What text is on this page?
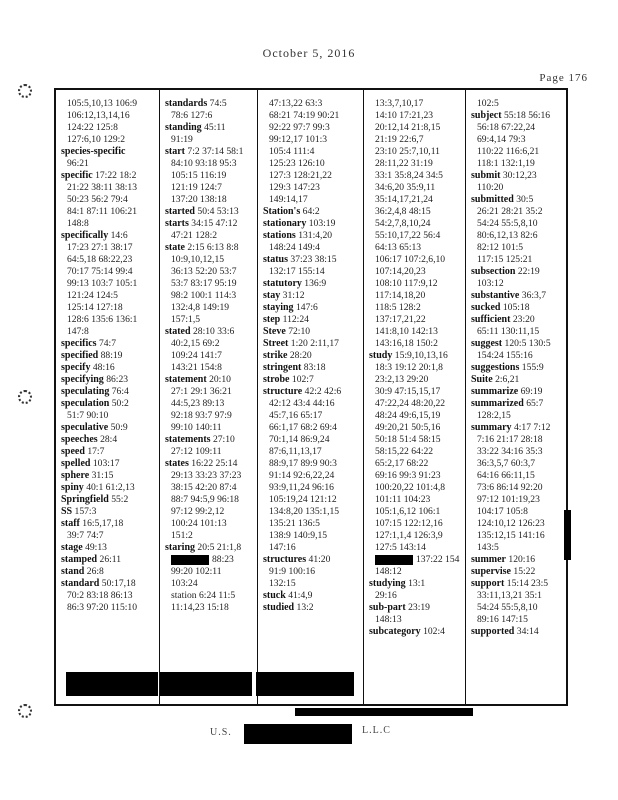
October 5, 2016
Page 176
105:5,10,13 106:9
106:12,13,14,16
124:22 125:8
127:6,10 129:2
species-specific
96:21
specific 17:22 18:2
21:22 38:11 38:13
50:23 56:2 79:4
84:1 87:11 106:21
148:8
specifically 14:6
17:23 27:1 38:17
64:5,18 68:22,23
70:17 75:14 99:4
99:13 103:7 105:1
121:24 124:5
125:14 127:18
128:6 135:6 136:1
147:8
specifics 74:7
specified 88:19
specify 48:16
specifying 86:23
speculating 76:4
speculation 50:2
51:7 90:10
speculative 50:9
speeches 28:4
speed 17:7
spelled 103:17
sphere 31:15
spiny 40:1 61:2,13
Springfield 55:2
SS 157:3
staff 16:5,17,18
39:7 74:7
stage 49:13
stamped 26:11
stand 26:8
standard 50:17,18
70:2 83:18 86:13
86:3 97:20 115:10
standards 74:5
78:6 127:6
standing 45:11
91:19
start 7:2 37:14 58:1
84:10 93:18 95:3
105:15 116:19
121:19 124:7
137:20 138:18
started 50:4 53:13
starts 34:15 47:12
47:21 128:2
state 2:15 6:13 8:8
10:9,10,12,15
36:13 52:20 53:7
53:7 83:17 95:19
98:2 100:1 114:3
132:4,8 149:19
157:1,5
stated 28:10 33:6
40:2,15 69:2
109:24 141:7
143:21 154:8
statement 20:10
27:1 29:1 36:21
44:5,23 89:13
92:18 93:7 97:9
99:10 140:11
statements 27:10
27:12 109:11
states 16:22 25:14
29:13 33:23 37:23
38:15 42:20 87:4
88:7 94:5,9 96:18
97:12 99:2,12
100:24 101:13
151:2
staring 20:5 21:1,8
88:23
99:20 102:11
103:24
station 6:24 11:5
11:14,23 15:18
47:13,22 63:3
68:21 74:19 90:21
92:22 97:7 99:3
99:12,17 101:3
105:4 111:4
125:23 126:10
127:3 128:21,22
129:3 147:23
149:14,17
Station's 64:2
stationary 103:19
stations 131:4,20
148:24 149:4
status 37:23 38:15
132:17 155:14
statutory 136:9
stay 31:12
staying 147:6
step 112:24
Steve 72:10
Street 1:20 2:11,17
strike 28:20
stringent 83:18
strobe 102:7
structure 42:2 42:6
42:12 43:4 44:16
45:7,16 65:17
66:1,17 68:2 69:4
70:1,14 86:9,24
87:6,11,13,17
88:9,17 89:9 90:3
91:14 92:6,22,24
93:9,11,24 96:16
105:19,24 121:12
134:8,20 135:1,15
135:21 136:5
138:9 140:9,15
147:16
structures 41:20
91:9 100:16
132:15
stuck 41:4,9
studied 13:2
13:3,7,10,17
14:10 17:21,23
20:12,14 21:8,15
21:19 22:6,7
23:10 25:7,10,11
28:11,22 31:19
33:1 35:8,24 34:5
34:6,20 35:9,11
35:14,17,21,24
36:2,4,8 48:15
54:2,7,8,10,24
55:10,17,22 56:4
64:13 65:13
106:17 107:2,6,10
107:14,20,23
108:10 117:9,12
117:14,18,20
118:5 128:2
137:17,21,22
141:8,10 142:13
143:16,18 150:2
study 15:9,10,13,16
18:3 19:12 20:1,8
23:2,13 29:20
30:9 47:15,15,17
47:22,24 48:20,22
48:24 49:6,15,19
49:20,21 50:5,16
50:18 51:4 58:15
58:15,22 64:22
65:2,17 68:22
69:16 99:3 91:23
100:20,22 101:4,8
101:11 104:23
105:1,6,12 106:1
107:15 122:12,16
127:1,1,4 126:3,9
127:5 143:14
137:22 154
148:12
studying 13:1
29:16
sub-part 23:19
148:13
subcategory 102:4
102:5
subject 55:18 56:16
56:18 67:22,24
69:4,14 79:3
110:22 116:6,21
118:1 132:1,19
submit 30:12,23
110:20
submitted 30:5
26:21 28:21 35:2
54:24 55:5,8,10
80:6,12,13 82:6
82:12 101:5
117:15 125:21
subsection 22:19
103:12
substantive 36:3,7
sucked 105:18
sufficient 23:20
65:11 130:11,15
suggest 120:5 130:5
154:24 155:16
suggestions 155:9
Suite 2:6,21
summarize 69:19
summarized 65:7
128:2,15
summary 4:17 7:12
7:16 21:17 28:18
33:22 34:16 35:3
36:3,5,7 60:3,7
64:16 66:11,15
73:6 86:14 92:20
97:12 101:19,23
104:17 105:8
124:10,12 126:23
135:12,15 141:16
143:5
summer 120:16
supervise 15:22
support 15:14 23:5
33:11,13,21 35:1
54:24 55:5,8,10
89:16 147:15
supported 34:14
U.S.	L.L.C
